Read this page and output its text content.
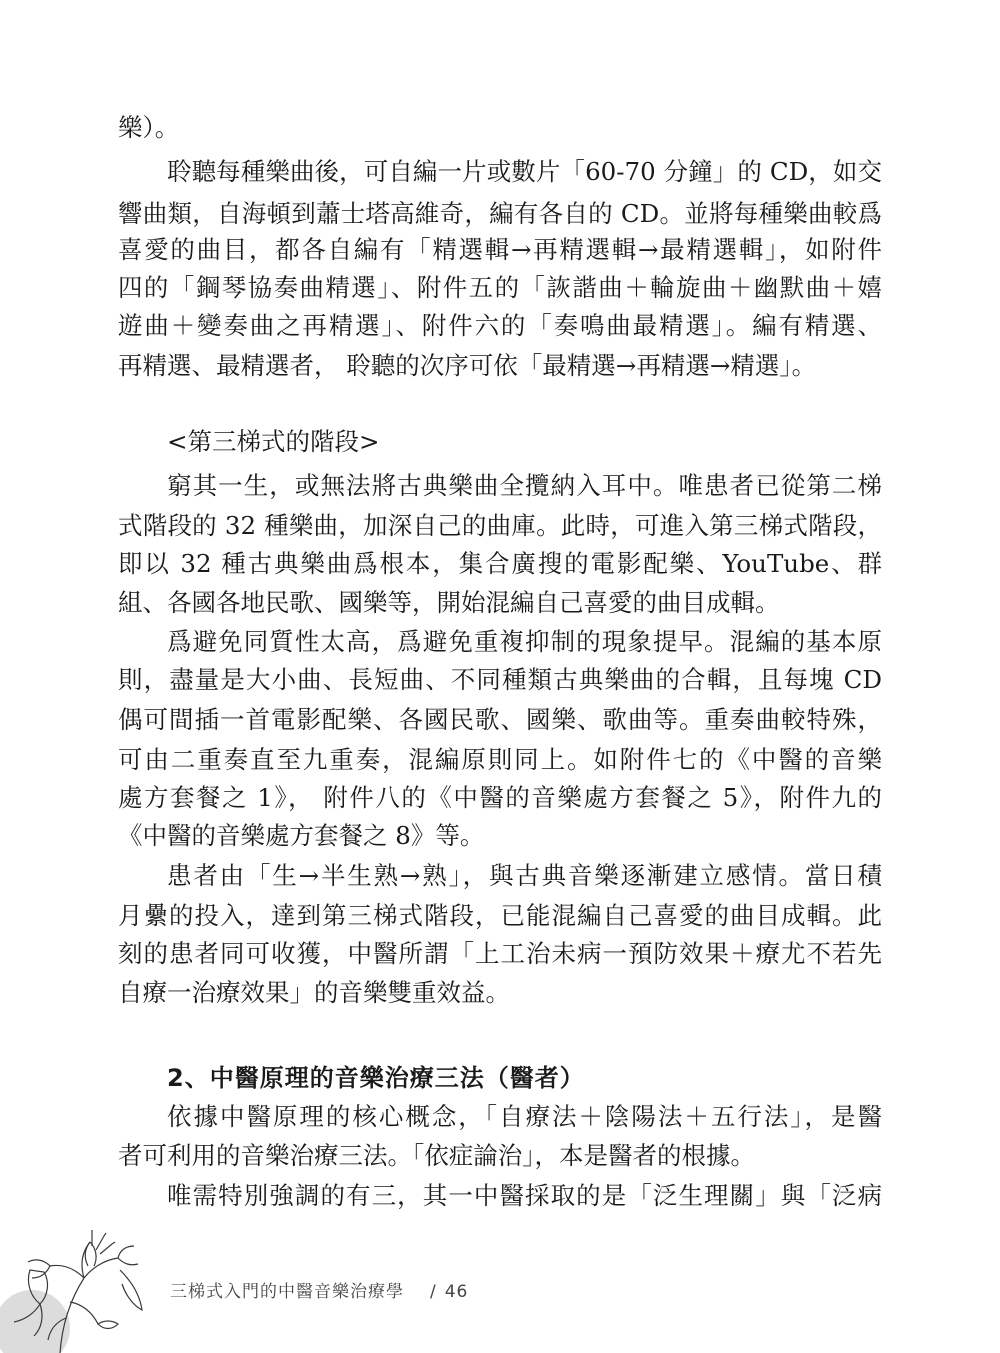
樂）。
聆聽每種樂曲後，可自編一片或數片「60-70 分鐘」的 CD，如交
響曲類，自海頓到蕭士塔高維奇，編有各自的 CD。並將每種樂曲較爲
喜愛的曲目，都各自編有「精選輯→再精選輯→最精選輯」，如附件
四的「鋼琴協奏曲精選」、附件五的「詼諧曲＋輪旋曲＋幽默曲＋嬉
遊曲＋變奏曲之再精選」、附件六的「奏鳴曲最精選」。編有精選、
再精選、最精選者， 聆聽的次序可依「最精選→再精選→精選」。
<第三梯式的階段>
窮其一生，或無法將古典樂曲全攬納入耳中。唯患者已從第二梯
式階段的 32 種樂曲，加深自己的曲庫。此時，可進入第三梯式階段，
即以 32 種古典樂曲爲根本，集合廣搜的電影配樂、YouTube、群
組、各國各地民歌、國樂等，開始混編自己喜愛的曲目成輯。
爲避免同質性太高，爲避免重複抑制的現象提早。混編的基本原
則，盡量是大小曲、長短曲、不同種類古典樂曲的合輯，且每塊 CD
偶可間插一首電影配樂、各國民歌、國樂、歌曲等。重奏曲較特殊，
可由二重奏直至九重奏，混編原則同上。如附件七的《中醫的音樂
處方套餐之 1》， 附件八的《中醫的音樂處方套餐之 5》，附件九的
《中醫的音樂處方套餐之 8》等。
患者由「生→半生熟→熟」，與古典音樂逐漸建立感情。當日積
月纍的投入，達到第三梯式階段，已能混編自己喜愛的曲目成輯。此
刻的患者同可收獲，中醫所謂「上工治未病一預防效果＋療尤不若先
自療一治療效果」的音樂雙重效益。
2、中醫原理的音樂治療三法（醫者）
依據中醫原理的核心概念，「自療法＋陰陽法＋五行法」，是醫
者可利用的音樂治療三法。「依症論治」，本是醫者的根據。
唯需特別強調的有三，其一中醫採取的是「泛生理關」與「泛病
三梯式入門的中醫音樂治療學 / 46
